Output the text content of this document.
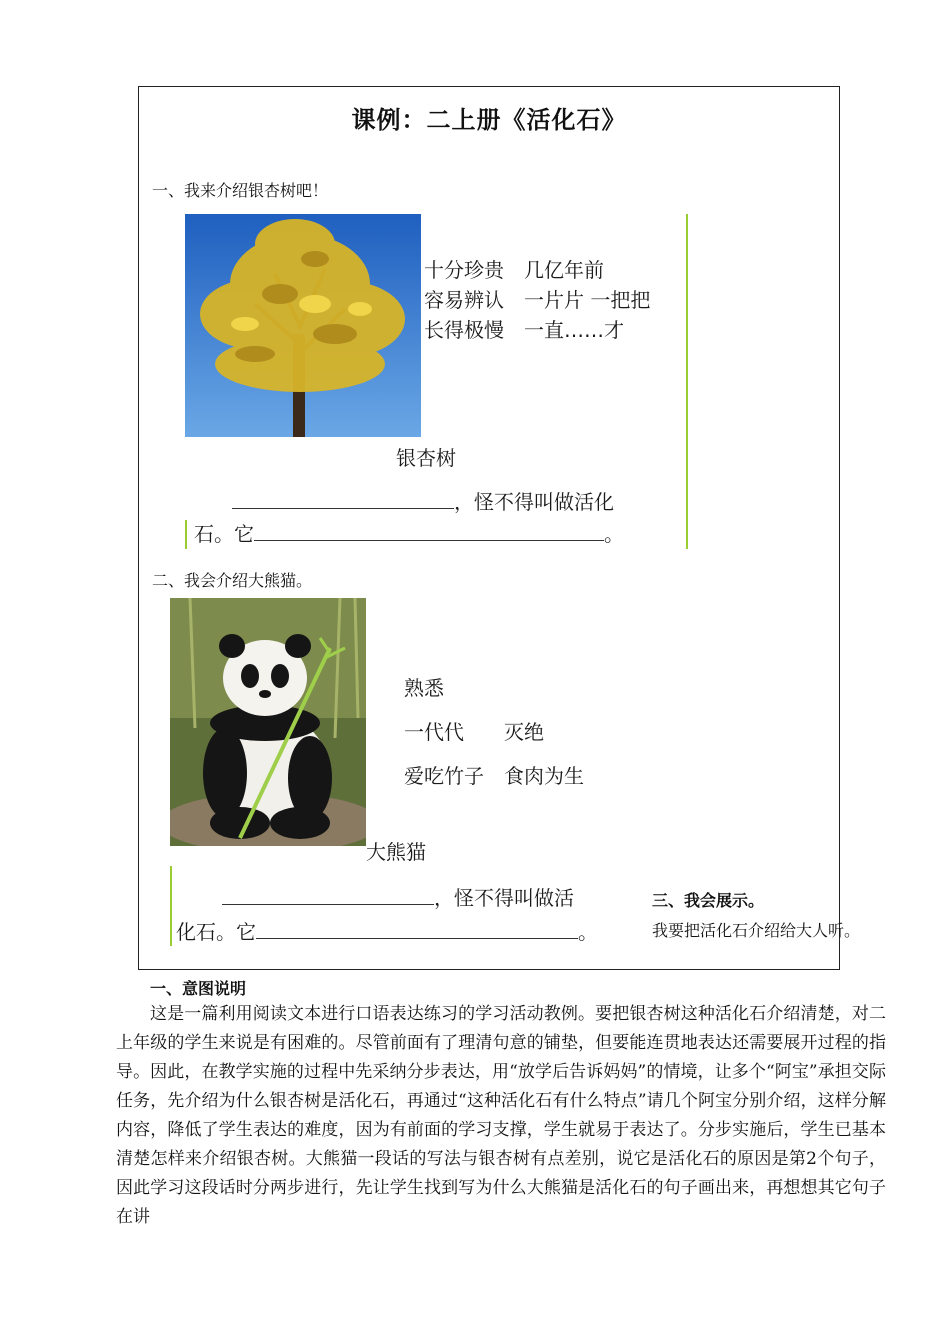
课例：二上册《活化石》
一、我来介绍银杏树吧！
十分珍贵　几亿年前
容易辨认　一片片 一把把
长得极慢　一直……才
银杏树
，怪不得叫做活化
石。它	。
二、我会介绍大熊猫。
熟悉
一代代　　灭绝
爱吃竹子　食肉为生
大熊猫
，怪不得叫做活
化石。它	。
三、我会展示。
我要把活化石介绍给大人听。
一、意图说明
这是一篇利用阅读文本进行口语表达练习的学习活动教例。要把银杏树这种活化石介绍清楚，对二上年级的学生来说是有困难的。尽管前面有了理清句意的铺垫，但要能连贯地表达还需要展开过程的指导。因此，在教学实施的过程中先采纳分步表达，用“放学后告诉妈妈”的情境，让多个“阿宝”承担交际任务，先介绍为什么银杏树是活化石，再通过“这种活化石有什么特点”请几个阿宝分别介绍，这样分解内容，降低了学生表达的难度，因为有前面的学习支撑，学生就易于表达了。分步实施后，学生已基本清楚怎样来介绍银杏树。大熊猫一段话的写法与银杏树有点差别，说它是活化石的原因是第2个句子，因此学习这段话时分两步进行，先让学生找到写为什么大熊猫是活化石的句子画出来，再想想其它句子在讲
